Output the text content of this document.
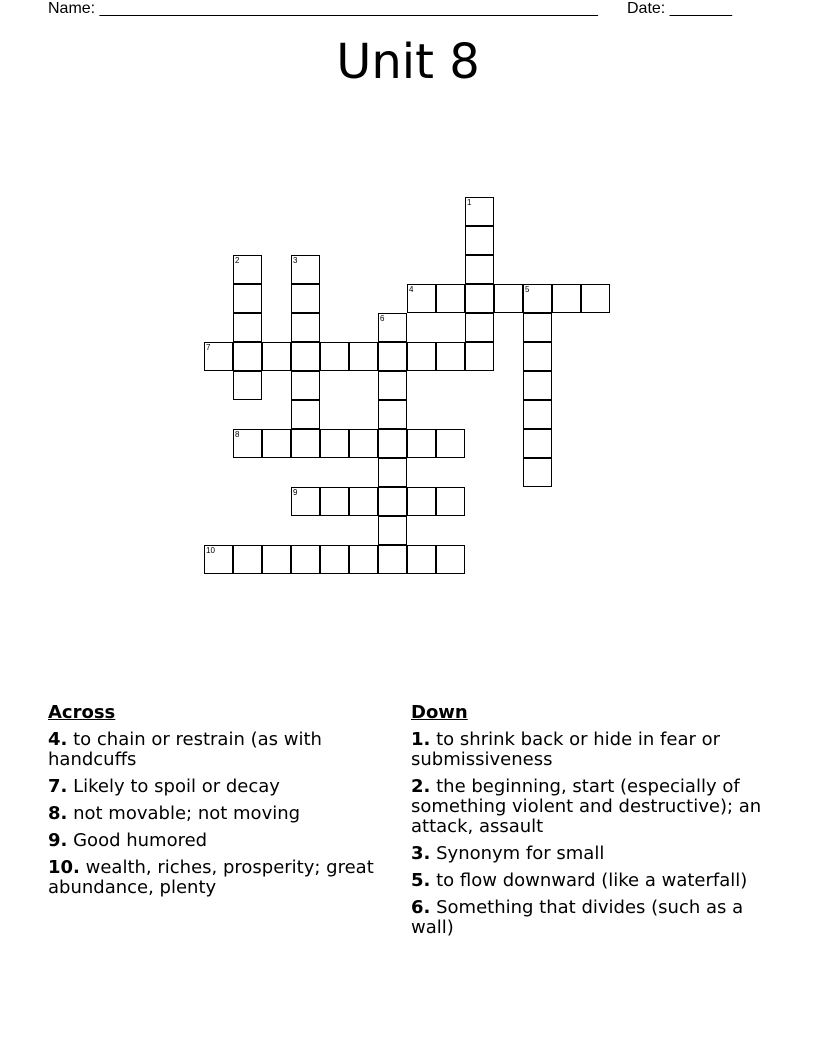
Name: ________________________________________________________ Date: _______
Unit 8
4
7
8
9
10
1
2	3
5
6
Across
4. to chain or restrain (as with handcuffs
7. Likely to spoil or decay
8. not movable; not moving
9. Good humored
10. wealth, riches, prosperity; great abundance, plenty
Down
1. to shrink back or hide in fear or submissiveness
2. the beginning, start (especially of something violent and destructive); an attack, assault
3. Synonym for small
5. to flow downward (like a waterfall)
6. Something that divides (such as a wall)
